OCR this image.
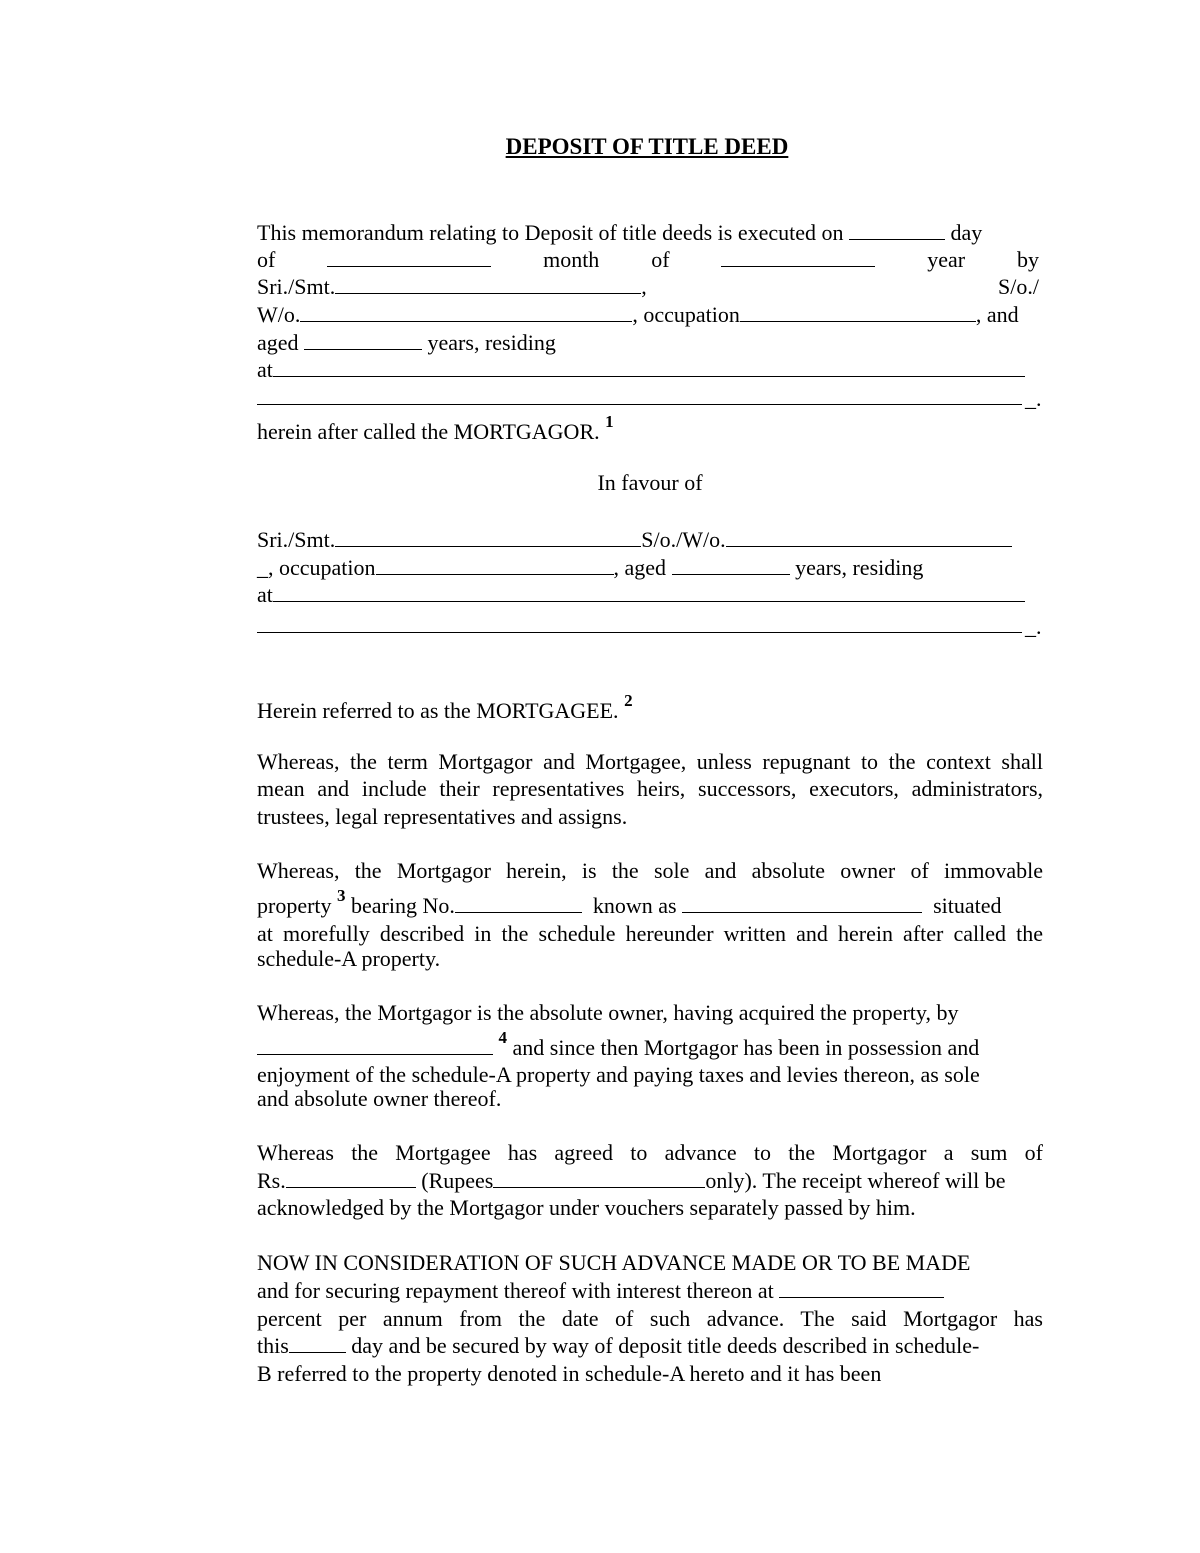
DEPOSIT OF TITLE DEED
This memorandum relating to Deposit of title deeds is executed on	day
of	month of	year by
Sri./Smt.	,	S/o./
W/o.	, occupation	, and
aged	years, residing
at
_.
herein after called the MORTGAGOR. $^1$
In favour of
Sri./Smt.	S/o./W/o.
_, occupation	, aged	years, residing
at
_.
Herein referred to as the MORTGAGEE. $^2$
Whereas, the term Mortgagor and Mortgagee, unless repugnant to the context shall
mean and include their representatives heirs, successors, executors, administrators,
trustees, legal representatives and assigns.
Whereas, the Mortgagor herein, is the sole and absolute owner of immovable
property $^3$ bearing No.	known as	situated
at morefully described in the schedule hereunder written and herein after called the
schedule-A property.
Whereas, the Mortgagor is the absolute owner, having acquired the property, by
$^4$ and since then Mortgagor has been in possession and
enjoyment of the schedule-A property and paying taxes and levies thereon, as sole
and absolute owner thereof.
Whereas the Mortgagee has agreed to advance to the Mortgagor a sum of
Rs.	(Rupees	only). The receipt whereof will be
acknowledged by the Mortgagor under vouchers separately passed by him.
NOW IN CONSIDERATION OF SUCH ADVANCE MADE OR TO BE MADE
and for securing repayment thereof with interest thereon at
percent per annum from the date of such advance. The said Mortgagor has
this	day and be secured by way of deposit title deeds described in schedule-
B referred to the property denoted in schedule-A hereto and it has been
